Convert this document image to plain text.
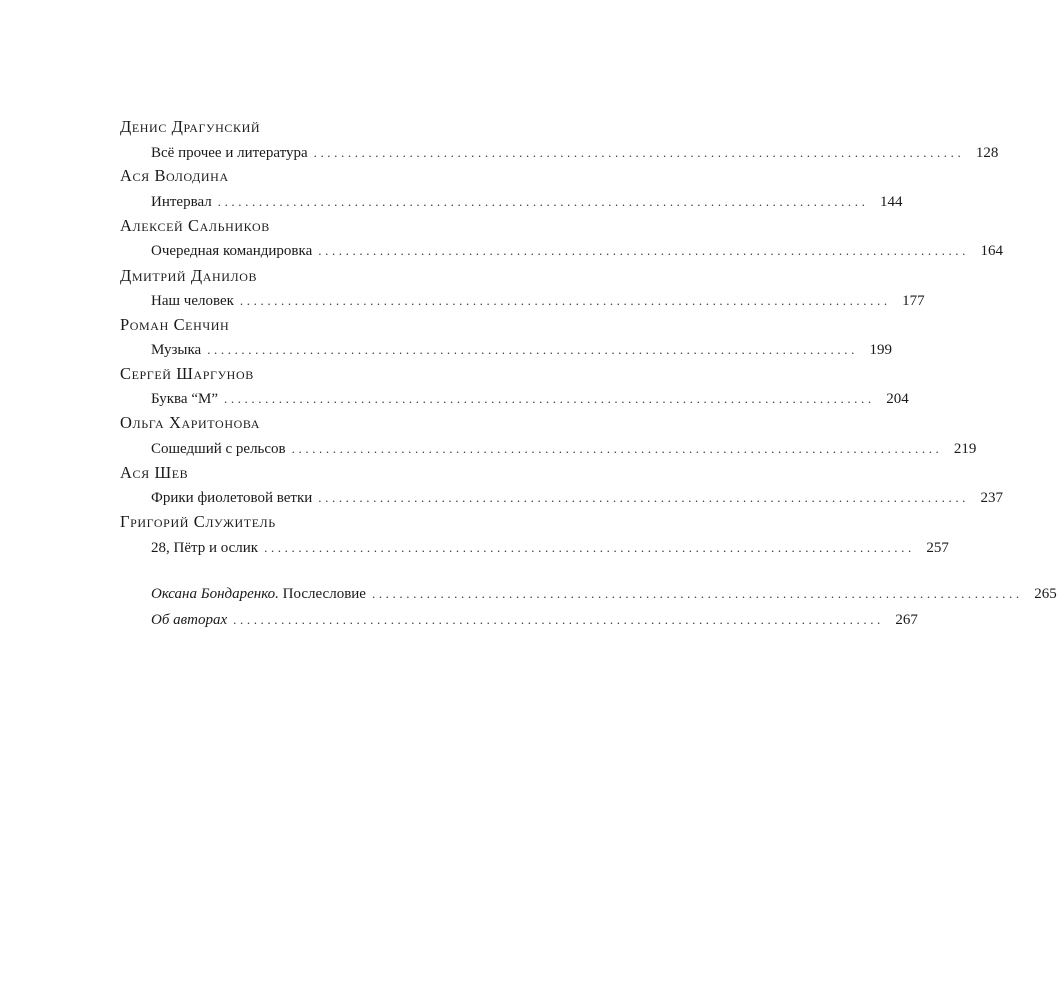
Денис Драгунский
Всё прочее и литература ............................................................................................... 128
Ася Володина
Интервал ............................................................................................... 144
Алексей Сальников
Очередная командировка ............................................................................................... 164
Дмитрий Данилов
Наш человек ............................................................................................... 177
Роман Сенчин
Музыка ............................................................................................... 199
Сергей Шаргунов
Буква “М” ............................................................................................... 204
Ольга Харитонова
Сошедший с рельсов ............................................................................................... 219
Ася Шев
Фрики фиолетовой ветки ............................................................................................... 237
Григорий Служитель
28, Пётр и ослик ............................................................................................... 257
Оксана Бондаренко. Послесловие ............................................................................................... 265
Об авторах ............................................................................................... 267
